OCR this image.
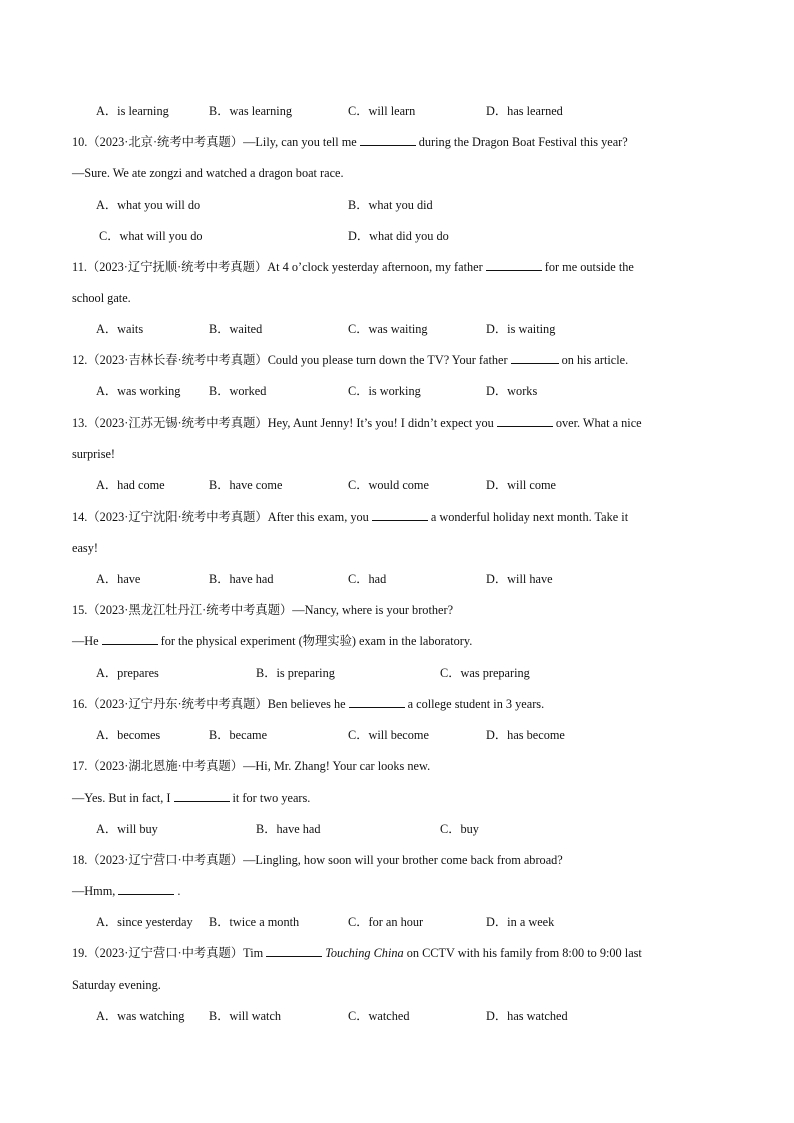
A．is learning	B．was learning	C．will learn	D．has learned
10.（2023·北京·统考中考真题）—Lily, can you tell me	during the Dragon Boat Festival this year?
—Sure. We ate zongzi and watched a dragon boat race.
A．what you will do	B．what you did
C．what will you do	D．what did you do
11.（2023·辽宁抚顺·统考中考真题）At 4 o’clock yesterday afternoon, my father	for me outside the
school gate.
A．waits	B．waited	C．was waiting	D．is waiting
12.（2023·吉林长春·统考中考真题）Could you please turn down the TV? Your father	on his article.
A．was working B．worked	C．is working	D．works
13.（2023·江苏无锡·统考中考真题）Hey, Aunt Jenny! It’s you! I didn’t expect you	over. What a nice
surprise!
A．had come	B．have come	C．would come	D．will come
14.（2023·辽宁沈阳·统考中考真题）After this exam, you	a wonderful holiday next month. Take it
easy!
A．have	B．have had	C．had	D．will have
15.（2023·黑龙江牡丹江·统考中考真题）—Nancy, where is your brother?
—He	for the physical experiment (物理实验) exam in the laboratory.
A．prepares	B．is preparing	C．was preparing
16.（2023·辽宁丹东·统考中考真题）Ben believes he	a college student in 3 years.
A．becomes	B．became	C．will become	D．has become
17.（2023·湖北恩施·中考真题）—Hi, Mr. Zhang! Your car looks new.
—Yes. But in fact, I	it for two years.
A．will buy	B．have had	C．buy
18.（2023·辽宁营口·中考真题）—Lingling, how soon will your brother come back from abroad?
—Hmm,	.
A．since yesterday B．twice a month	C．for an hour	D．in a week
19.（2023·辽宁营口·中考真题）Tim	Touching China on CCTV with his family from 8:00 to 9:00 last
Saturday evening.
A．was watching B．will watch	C．watched	D．has watched
